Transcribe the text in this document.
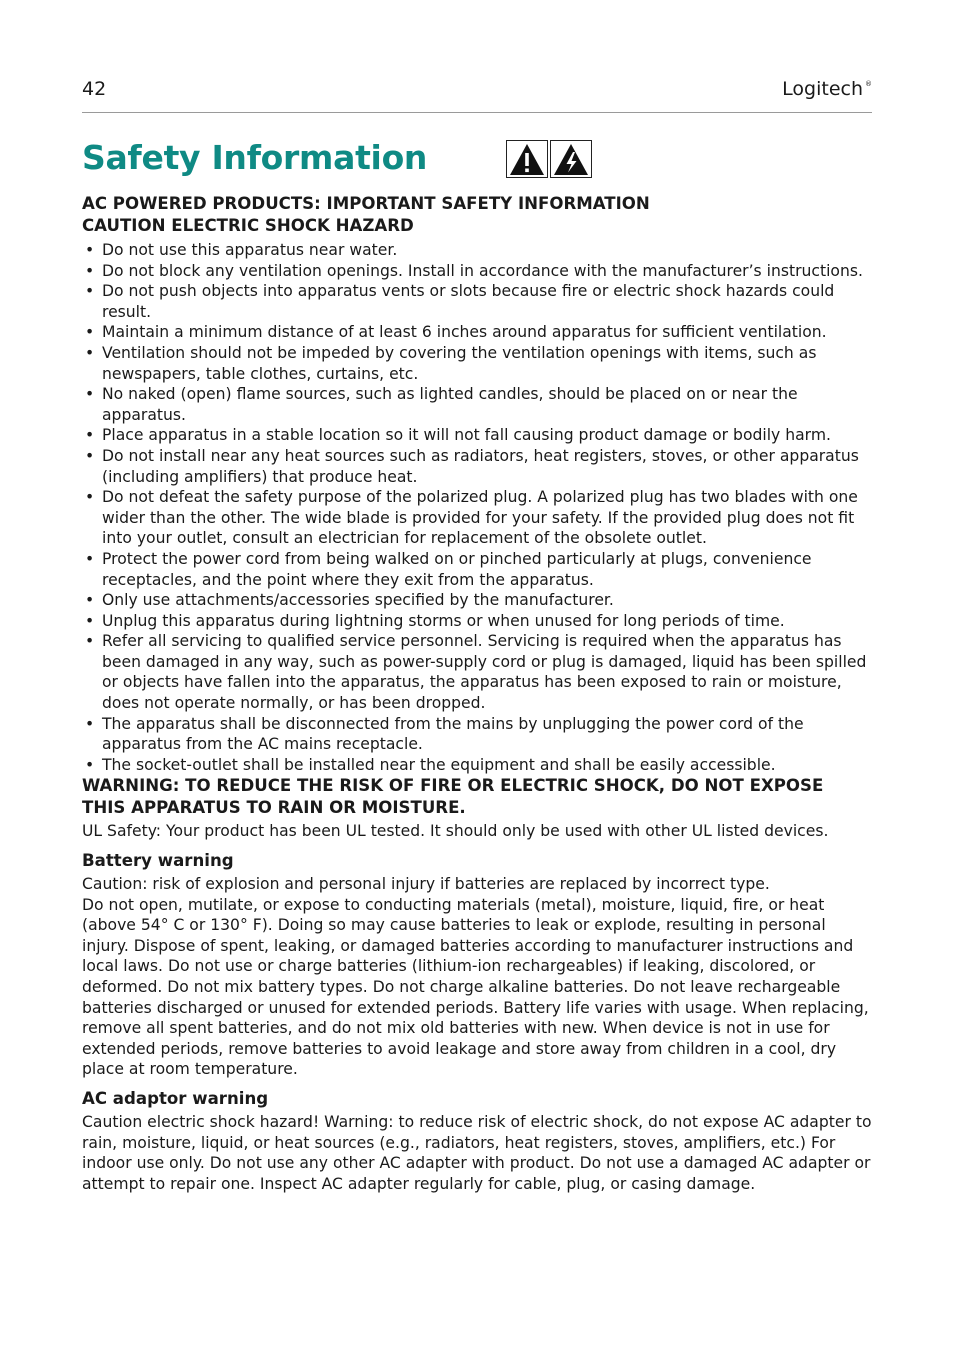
42	Logitech ®
Safety Information
AC POWERED PRODUCTS: IMPORTANT SAFETY INFORMATION
CAUTION ELECTRIC SHOCK HAZARD
• Do not use this apparatus near water.
• Do not block any ventilation openings. Install in accordance with the manufacturer’s instructions.
• Do not push objects into apparatus vents or slots because fire or electric shock hazards could result.
• Maintain a minimum distance of at least 6 inches around apparatus for sufficient ventilation.
• Ventilation should not be impeded by covering the ventilation openings with items, such as newspapers, table clothes, curtains, etc.
• No naked (open) flame sources, such as lighted candles, should be placed on or near the apparatus.
• Place apparatus in a stable location so it will not fall causing product damage or bodily harm.
• Do not install near any heat sources such as radiators, heat registers, stoves, or other apparatus (including amplifiers) that produce heat.
• Do not defeat the safety purpose of the polarized plug. A polarized plug has two blades with one wider than the other. The wide blade is provided for your safety. If the provided plug does not fit into your outlet, consult an electrician for replacement of the obsolete outlet.
• Protect the power cord from being walked on or pinched particularly at plugs, convenience receptacles, and the point where they exit from the apparatus.
• Only use attachments/accessories specified by the manufacturer.
• Unplug this apparatus during lightning storms or when unused for long periods of time.
• Refer all servicing to qualified service personnel. Servicing is required when the apparatus has been damaged in any way, such as power-supply cord or plug is damaged, liquid has been spilled or objects have fallen into the apparatus, the apparatus has been exposed to rain or moisture, does not operate normally, or has been dropped.
• The apparatus shall be disconnected from the mains by unplugging the power cord of the apparatus from the AC mains receptacle.
• The socket-outlet shall be installed near the equipment and shall be easily accessible.
WARNING: TO REDUCE THE RISK OF FIRE OR ELECTRIC SHOCK, DO NOT EXPOSE THIS APPARATUS TO RAIN OR MOISTURE.

UL Safety: Your product has been UL tested. It should only be used with other UL listed devices.

Battery warning

Caution: risk of explosion and personal injury if batteries are replaced by incorrect type.
Do not open, mutilate, or expose to conducting materials (metal), moisture, liquid, fire, or heat (above 54° C or 130° F). Doing so may cause batteries to leak or explode, resulting in personal injury. Dispose of spent, leaking, or damaged batteries according to manufacturer instructions and local laws. Do not use or charge batteries (lithium-ion rechargeables) if leaking, discolored, or deformed. Do not mix battery types. Do not charge alkaline batteries. Do not leave rechargeable batteries discharged or unused for extended periods. Battery life varies with usage. When replacing, remove all spent batteries, and do not mix old batteries with new. When device is not in use for extended periods, remove batteries to avoid leakage and store away from children in a cool, dry place at room temperature.

AC adaptor warning

Caution electric shock hazard! Warning: to reduce risk of electric shock, do not expose AC adapter to rain, moisture, liquid, or heat sources (e.g., radiators, heat registers, stoves, amplifiers, etc.) For indoor use only. Do not use any other AC adapter with product. Do not use a damaged AC adapter or attempt to repair one. Inspect AC adapter regularly for cable, plug, or casing damage.
